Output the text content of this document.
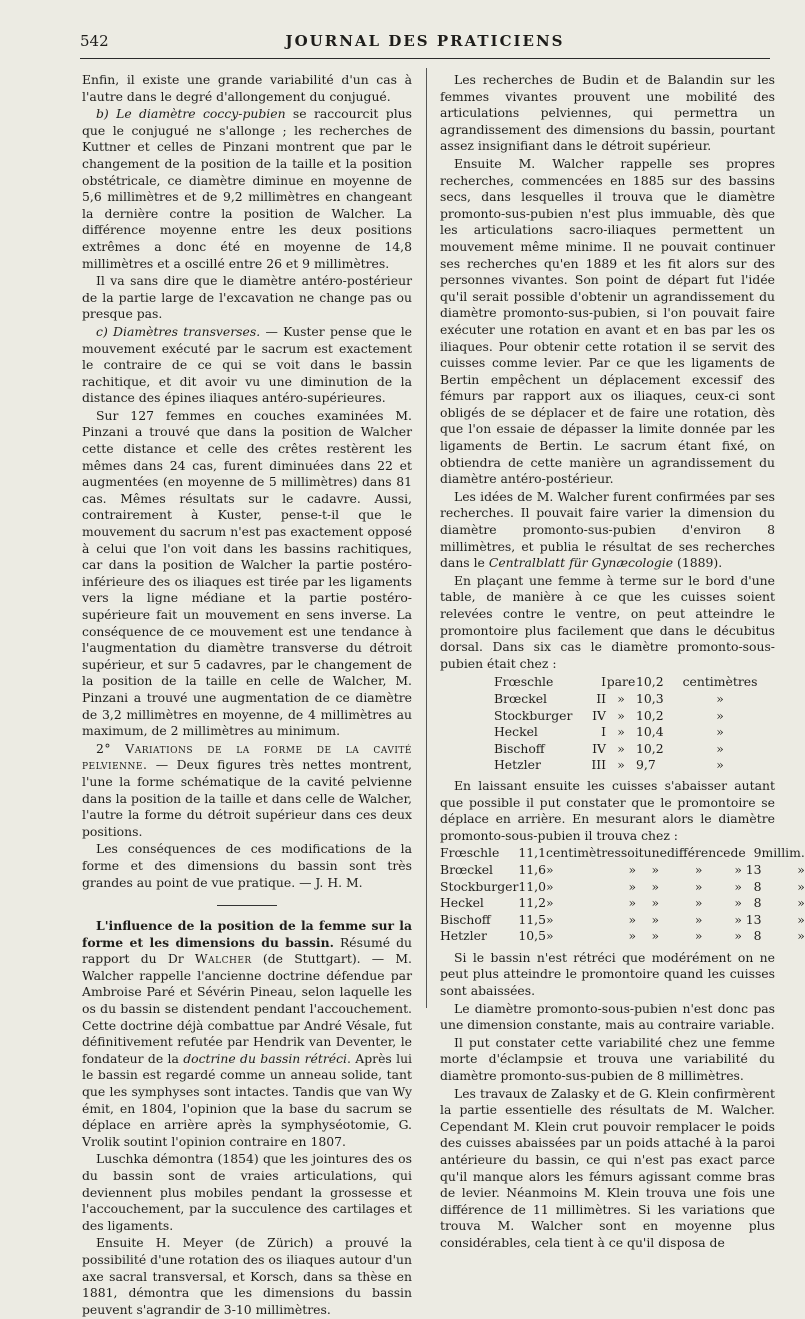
542	JOURNAL DES PRATICIENS

Enfin, il existe une grande variabilité d'un cas à l'autre dans le degré d'allongement du conjugué.

b) Le diamètre coccy-pubien se raccourcit plus que le conjugué ne s'allonge ; les recherches de Kuttner et celles de Pinzani montrent que par le changement de la position de la taille et la position obstétricale, ce diamètre diminue en moyenne de 5,6 millimètres et de 9,2 millimètres en changeant la dernière contre la position de Walcher. La différence moyenne entre les deux positions extrêmes a donc été en moyenne de 14,8 millimètres et a oscillé entre 26 et 9 millimètres.

Il va sans dire que le diamètre antéro-postérieur de la partie large de l'excavation ne change pas ou presque pas.

c) Diamètres transverses. — Kuster pense que le mouvement exécuté par le sacrum est exactement le contraire de ce qui se voit dans le bassin rachitique, et dit avoir vu une diminution de la distance des épines iliaques antéro-supérieures.

Sur 127 femmes en couches examinées M. Pinzani a trouvé que dans la position de Walcher cette distance et celle des crêtes restèrent les mêmes dans 24 cas, furent diminuées dans 22 et augmentées (en moyenne de 5 millimètres) dans 81 cas. Mêmes résultats sur le cadavre. Aussi, contrairement à Kuster, pense-t-il que le mouvement du sacrum n'est pas exactement opposé à celui que l'on voit dans les bassins rachitiques, car dans la position de Walcher la partie postéro-inférieure des os iliaques est tirée par les ligaments vers la ligne médiane et la partie postéro-supérieure fait un mouvement en sens inverse. La conséquence de ce mouvement est une tendance à l'augmentation du diamètre transverse du détroit supérieur, et sur 5 cadavres, par le changement de la position de la taille en celle de Walcher, M. Pinzani a trouvé une augmentation de ce diamètre de 3,2 millimètres en moyenne, de 4 millimètres au maximum, de 2 millimètres au minimum.

2° Variations de la forme de la cavité pelvienne. — Deux figures très nettes montrent, l'une la forme schématique de la cavité pelvienne dans la position de la taille et dans celle de Walcher, l'autre la forme du détroit supérieur dans ces deux positions.

Les conséquences de ces modifications de la forme et des dimensions du bassin sont très grandes au point de vue pratique. — J. H. M.

L'influence de la position de la femme sur la forme et les dimensions du bassin. Résumé du rapport du Dr Walcher (de Stuttgart). — M. Walcher rappelle l'ancienne doctrine défendue par Ambroise Paré et Sévérin Pineau, selon laquelle les os du bassin se distendent pendant l'accouchement. Cette doctrine déjà combattue par André Vésale, fut définitivement refutée par Hendrik van Deventer, le fondateur de la doctrine du bassin rétréci. Après lui le bassin est regardé comme un anneau solide, tant que les symphyses sont intactes. Tandis que van Wy émit, en 1804, l'opinion que la base du sacrum se déplace en arrière après la symphyséotomie, G. Vrolik soutint l'opinion contraire en 1807.

Luschka démontra (1854) que les jointures des os du bassin sont de vraies articulations, qui deviennent plus mobiles pendant la grossesse et l'accouchement, par la succulence des cartilages et des ligaments.

Ensuite H. Meyer (de Zürich) a prouvé la possibilité d'une rotation des os iliaques autour d'un axe sacral transversal, et Korsch, dans sa thèse en 1881, démontra que les dimensions du bassin peuvent s'agrandir de 3-10 millimètres.

Les recherches de Budin et de Balandin sur les femmes vivantes prouvent une mobilité des articulations pelviennes, qui permettra un agrandissement des dimensions du bassin, pourtant assez insignifiant dans le détroit supérieur.

Ensuite M. Walcher rappelle ses propres recherches, commencées en 1885 sur des bassins secs, dans lesquelles il trouva que le diamètre promonto-sus-pubien n'est plus immuable, dès que les articulations sacro-iliaques permettent un mouvement même minime. Il ne pouvait continuer ses recherches qu'en 1889 et les fit alors sur des personnes vivantes. Son point de départ fut l'idée qu'il serait possible d'obtenir un agrandissement du diamètre promonto-sus-pubien, si l'on pouvait faire exécuter une rotation en avant et en bas par les os iliaques. Pour obtenir cette rotation il se servit des cuisses comme levier. Par ce que les ligaments de Bertin empêchent un déplacement excessif des fémurs par rapport aux os iliaques, ceux-ci sont obligés de se déplacer et de faire une rotation, dès que l'on essaie de dépasser la limite donnée par les ligaments de Bertin. Le sacrum étant fixé, on obtiendra de cette manière un agrandissement du diamètre antéro-postérieur.

Les idées de M. Walcher furent confirmées par ses recherches. Il pouvait faire varier la dimension du diamètre promonto-sus-pubien d'environ 8 millimètres, et publia le résultat de ses recherches dans le Centralblatt für Gynæcologie (1889).

En plaçant une femme à terme sur le bord d'une table, de manière à ce que les cuisses soient relevées contre le ventre, on peut atteindre le promontoire plus facilement que dans le décubitus dorsal. Dans six cas le diamètre promonto-sous-pubien était chez :

Frœschle	I	pare	10,2	centimètres
Brœckel	II	»	10,3	»
Stockburger	IV	»	10,2	»
Heckel	I	»	10,4	»
Bischoff	IV	»	10,2	»
Hetzler	III	»	9,7	»

En laissant ensuite les cuisses s'abaisser autant que possible il put constater que le promontoire se déplace en arrière. En mesurant alors le diamètre promonto-sous-pubien il trouva chez :

Frœschle	11,1	centimètres	soit	une	différence	de	9	millim.
Brœckel	11,6	»	»	»	»	»	13	»
Stockburger	11,0	»	»	»	»	»	8	»
Heckel	11,2	»	»	»	»	»	8	»
Bischoff	11,5	»	»	»	»	»	13	»
Hetzler	10,5	»	»	»	»	»	8	»

Si le bassin n'est rétréci que modérément on ne peut plus atteindre le promontoire quand les cuisses sont abaissées.

Le diamètre promonto-sous-pubien n'est donc pas une dimension constante, mais au contraire variable.

Il put constater cette variabilité chez une femme morte d'éclampsie et trouva une variabilité du diamètre promonto-sus-pubien de 8 millimètres.

Les travaux de Zalasky et de G. Klein confirmèrent la partie essentielle des résultats de M. Walcher. Cependant M. Klein crut pouvoir remplacer le poids des cuisses abaissées par un poids attaché à la paroi antérieure du bassin, ce qui n'est pas exact parce qu'il manque alors les fémurs agissant comme bras de levier. Néanmoins M. Klein trouva une fois une différence de 11 millimètres. Si les variations que trouva M. Walcher sont en moyenne plus considérables, cela tient à ce qu'il disposa de
